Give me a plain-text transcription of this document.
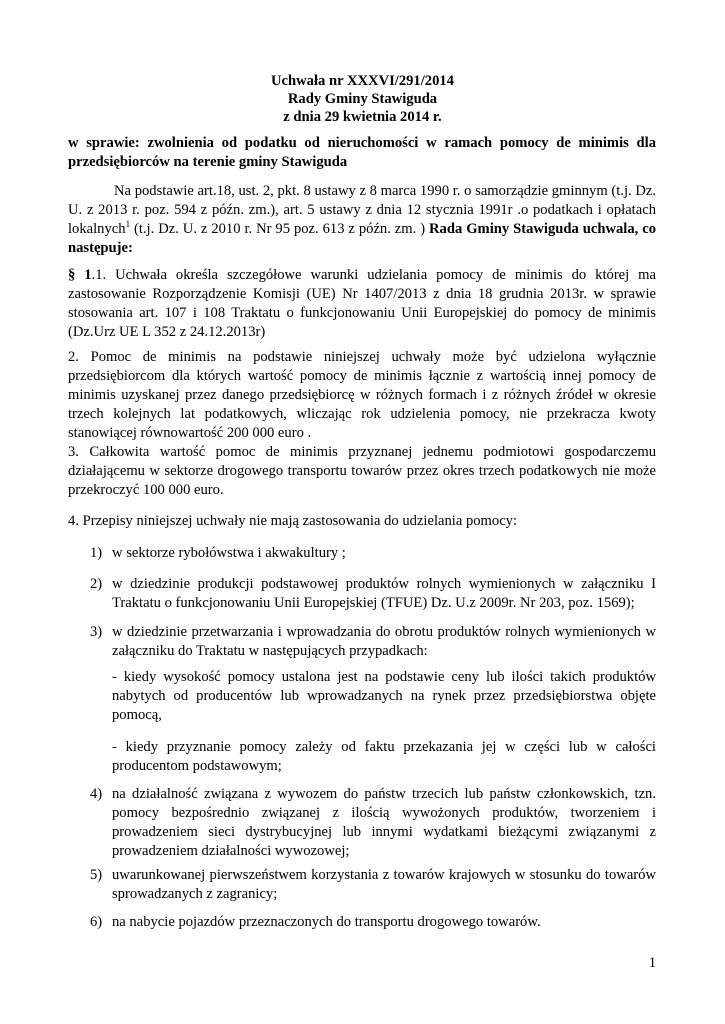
Uchwała nr XXXVI/291/2014
Rady Gminy Stawiguda
z dnia 29 kwietnia 2014 r.

w sprawie: zwolnienia od podatku od nieruchomości w ramach pomocy de minimis dla przedsiębiorców na terenie gminy Stawiguda

Na podstawie art.18, ust. 2, pkt. 8 ustawy z 8 marca 1990 r. o samorządzie gminnym (t.j. Dz. U. z 2013 r. poz. 594 z późn. zm.), art. 5 ustawy z dnia 12 stycznia 1991r .o podatkach i opłatach lokalnych$^1$ (t.j. Dz. U. z 2010 r. Nr 95 poz. 613 z późn. zm. ) Rada Gminy Stawiguda uchwala, co następuje:

§ 1.1. Uchwała określa szczegółowe warunki udzielania pomocy de minimis do której ma zastosowanie Rozporządzenie Komisji (UE) Nr 1407/2013 z dnia 18 grudnia 2013r. w sprawie stosowania art. 107 i 108 Traktatu o funkcjonowaniu Unii Europejskiej do pomocy de minimis (Dz.Urz UE L 352 z 24.12.2013r)

2. Pomoc de minimis na podstawie niniejszej uchwały może być udzielona wyłącznie przedsiębiorcom dla których wartość pomocy de minimis łącznie z wartością innej pomocy de minimis uzyskanej przez danego przedsiębiorcę w różnych formach i z różnych źródeł w okresie trzech kolejnych lat podatkowych, wliczając rok udzielenia pomocy, nie przekracza kwoty stanowiącej równowartość 200 000 euro .

3. Całkowita wartość pomoc de minimis przyznanej jednemu podmiotowi gospodarczemu działającemu w sektorze drogowego transportu towarów przez okres trzech podatkowych nie może przekroczyć 100 000 euro.

4. Przepisy niniejszej uchwały nie mają zastosowania do udzielania pomocy:

1) w sektorze rybołówstwa i akwakultury ;
2) w dziedzinie produkcji podstawowej produktów rolnych wymienionych w załączniku I Traktatu o funkcjonowaniu Unii Europejskiej (TFUE) Dz. U.z 2009r. Nr 203, poz. 1569);
3) w dziedzinie przetwarzania i wprowadzania do obrotu produktów rolnych wymienionych w załączniku do Traktatu w następujących przypadkach:
- kiedy wysokość pomocy ustalona jest na podstawie ceny lub ilości takich produktów nabytych od producentów lub wprowadzanych na rynek przez przedsiębiorstwa objęte pomocą,
- kiedy przyznanie pomocy zależy od faktu przekazania jej w części lub w całości producentom podstawowym;
4) na działalność związana z wywozem do państw trzecich lub państw członkowskich, tzn. pomocy bezpośrednio związanej z ilością wywożonych produktów, tworzeniem i prowadzeniem sieci dystrybucyjnej lub innymi wydatkami bieżącymi związanymi z prowadzeniem działalności wywozowej;
5) uwarunkowanej pierwszeństwem korzystania z towarów krajowych w stosunku do towarów sprowadzanych z zagranicy;
6) na nabycie pojazdów przeznaczonych do transportu drogowego towarów.
1
